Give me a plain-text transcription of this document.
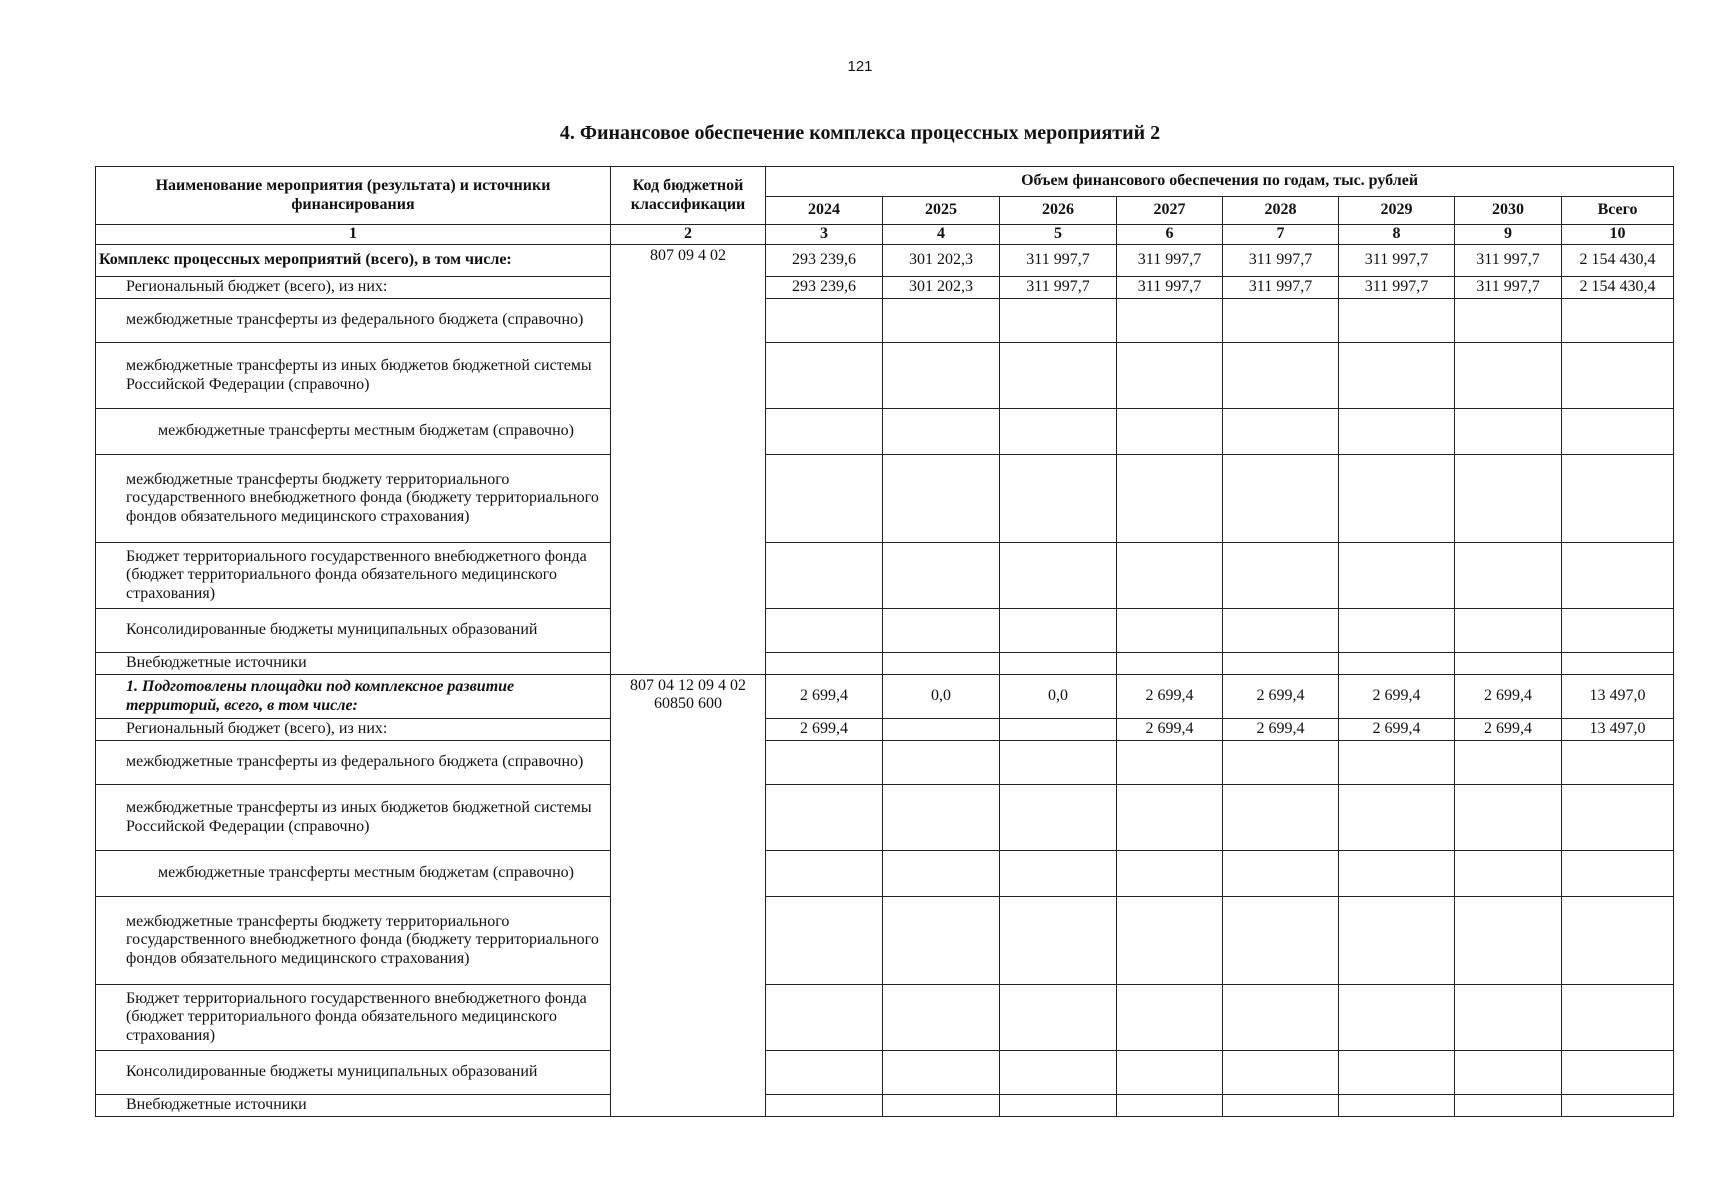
121
4. Финансовое обеспечение комплекса процессных мероприятий 2
Наименование мероприятия (результата) и источники финансирования	Код бюджетной классификации	Объем финансового обеспечения по годам, тыс. рублей							
		2024	2025	2026	2027	2028	2029	2030	Всего
1	2	3	4	5	6	7	8	9	10
Комплекс процессных мероприятий (всего), в том числе:	807 09 4 02	293 239,6	301 202,3	311 997,7	311 997,7	311 997,7	311 997,7	311 997,7	2 154 430,4
Региональный бюджет (всего), из них:		293 239,6	301 202,3	311 997,7	311 997,7	311 997,7	311 997,7	311 997,7	2 154 430,4
межбюджетные трансферты из федерального бюджета (справочно)									
межбюджетные трансферты из иных бюджетов бюджетной системы Российской Федерации (справочно)									
межбюджетные трансферты местным бюджетам (справочно)									
межбюджетные трансферты бюджету территориального государственного внебюджетного фонда (бюджету территориального фондов обязательного медицинского страхования)									
Бюджет территориального государственного внебюджетного фонда (бюджет территориального фонда обязательного медицинского страхования)									
Консолидированные бюджеты муниципальных образований									
Внебюджетные источники									
1. Подготовлены площадки под комплексное развитие территорий, всего, в том числе:	807 04 12 09 4 02 60850 600	2 699,4	0,0	0,0	2 699,4	2 699,4	2 699,4	2 699,4	13 497,0
Региональный бюджет (всего), из них:		2 699,4			2 699,4	2 699,4	2 699,4	2 699,4	13 497,0
межбюджетные трансферты из федерального бюджета (справочно)									
межбюджетные трансферты из иных бюджетов бюджетной системы Российской Федерации (справочно)									
межбюджетные трансферты местным бюджетам (справочно)									
межбюджетные трансферты бюджету территориального государственного внебюджетного фонда (бюджету территориального фондов обязательного медицинского страхования)									
Бюджет территориального государственного внебюджетного фонда (бюджет территориального фонда обязательного медицинского страхования)									
Консолидированные бюджеты муниципальных образований									
Внебюджетные источники									
